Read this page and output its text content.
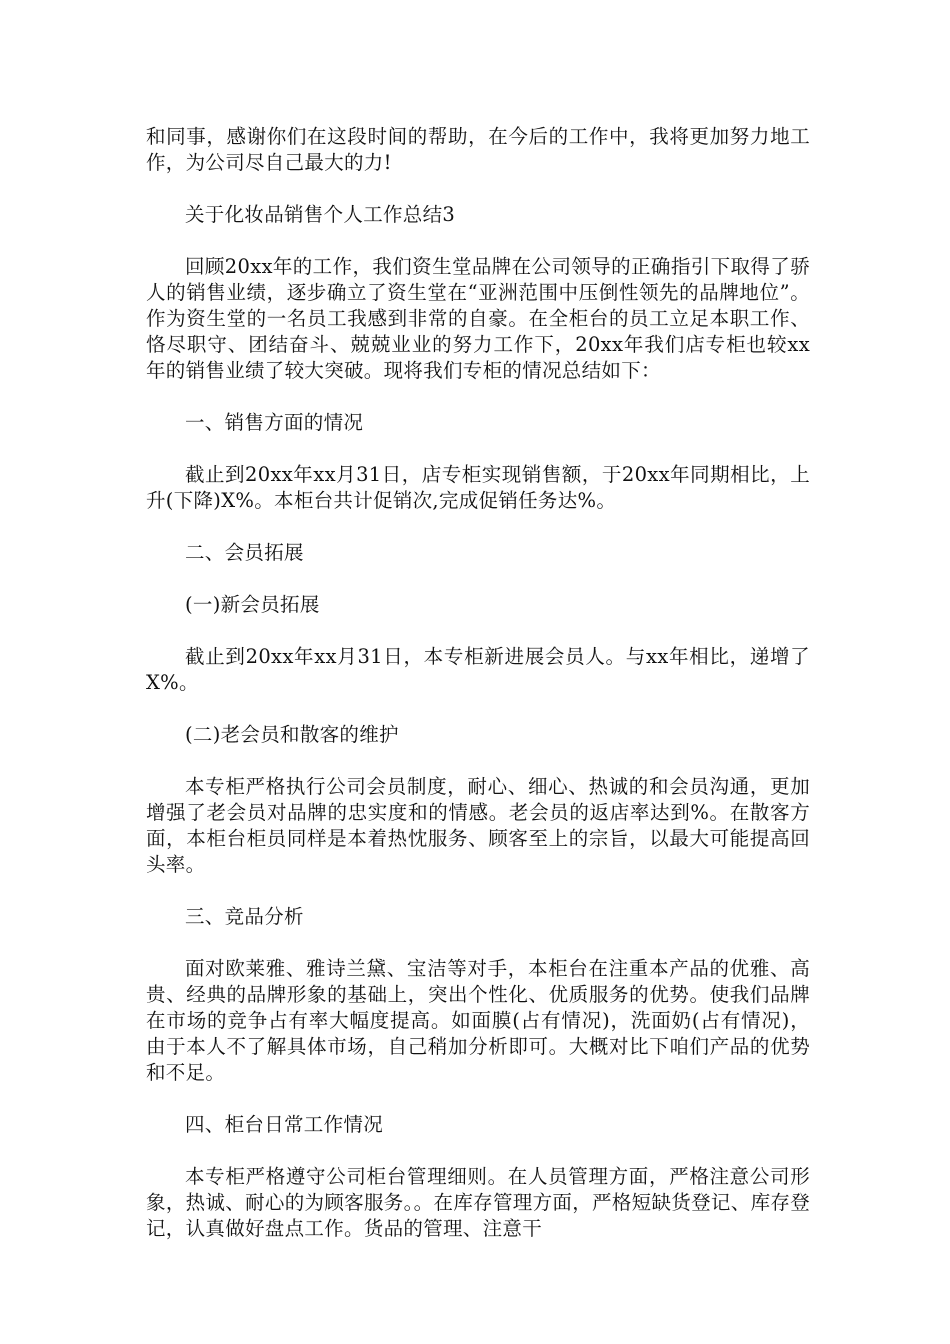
和同事，感谢你们在这段时间的帮助，在今后的工作中，我将更加努力地工作，为公司尽自己最大的力!

关于化妆品销售个人工作总结3

回顾20xx年的工作，我们资生堂品牌在公司领导的正确指引下取得了骄人的销售业绩，逐步确立了资生堂在“亚洲范围中压倒性领先的品牌地位”。作为资生堂的一名员工我感到非常的自豪。在全柜台的员工立足本职工作、恪尽职守、团结奋斗、兢兢业业的努力工作下，20xx年我们店专柜也较xx年的销售业绩了较大突破。现将我们专柜的情况总结如下：

一、销售方面的情况

截止到20xx年xx月31日，店专柜实现销售额，于20xx年同期相比，上升(下降)X%。本柜台共计促销次,完成促销任务达%。

二、会员拓展

(一)新会员拓展

截止到20xx年xx月31日，本专柜新进展会员人。与xx年相比，递增了X%。

(二)老会员和散客的维护

本专柜严格执行公司会员制度，耐心、细心、热诚的和会员沟通，更加增强了老会员对品牌的忠实度和的情感。老会员的返店率达到%。在散客方面，本柜台柜员同样是本着热忱服务、顾客至上的宗旨，以最大可能提高回头率。

三、竞品分析

面对欧莱雅、雅诗兰黛、宝洁等对手，本柜台在注重本产品的优雅、高贵、经典的品牌形象的基础上，突出个性化、优质服务的优势。使我们品牌在市场的竞争占有率大幅度提高。如面膜(占有情况)，洗面奶(占有情况)，由于本人不了解具体市场，自己稍加分析即可。大概对比下咱们产品的优势和不足。

四、柜台日常工作情况

本专柜严格遵守公司柜台管理细则。在人员管理方面，严格注意公司形象，热诚、耐心的为顾客服务。。在库存管理方面，严格短缺货登记、库存登记，认真做好盘点工作。货品的管理、注意干
